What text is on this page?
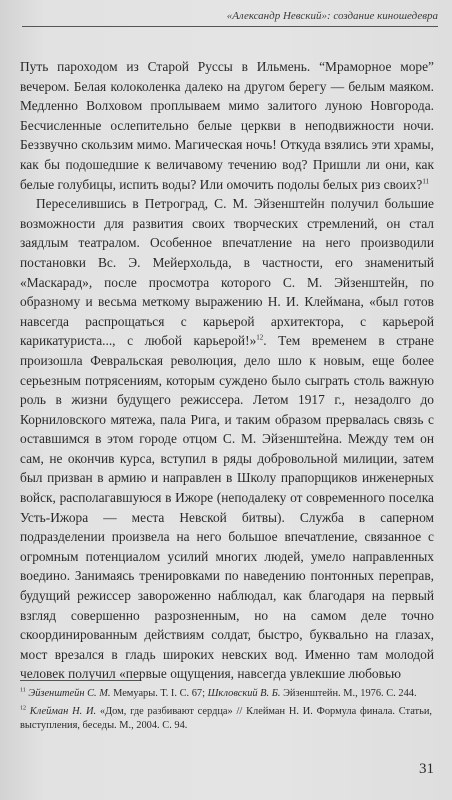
«Александр Невский»: создание киношедевра

Путь пароходом из Старой Руссы в Ильмень. “Мраморное море” вечером. Белая колоколенка далеко на другом берегу — белым маяком. Медленно Волховом проплываем мимо залитого луною Новгорода. Бесчисленные ослепительно белые церкви в неподвижности ночи. Беззвучно скользим мимо. Магическая ночь! Откуда взялись эти храмы, как бы подошедшие к величавому течению вод? Пришли ли они, как белые голубицы, испить воды? Или омочить подолы белых риз своих?$^{11}$

Переселившись в Петроград, С. М. Эйзенштейн получил большие возможности для развития своих творческих стремлений, он стал заядлым театралом. Особенное впечатление на него производили постановки Вс. Э. Мейерхольда, в частности, его знаменитый «Маскарад», после просмотра которого С. М. Эйзенштейн, по образному и весьма меткому выражению Н. И. Клеймана, «был готов навсегда распрощаться с карьерой архитектора, с карьерой карикатуриста..., с любой карьерой!»$^{12}$. Тем временем в стране произошла Февральская революция, дело шло к новым, еще более серьезным потрясениям, которым суждено было сыграть столь важную роль в жизни будущего режиссера. Летом 1917 г., незадолго до Корниловского мятежа, пала Рига, и таким образом прервалась связь с оставшимся в этом городе отцом С. М. Эйзенштейна. Между тем он сам, не окончив курса, вступил в ряды добровольной милиции, затем был призван в армию и направлен в Школу прапорщиков инженерных войск, располагавшуюся в Ижоре (неподалеку от современного поселка Усть-Ижора — места Невской битвы). Служба в саперном подразделении произвела на него большое впечатление, связанное с огромным потенциалом усилий многих людей, умело направленных воедино. Занимаясь тренировками по наведению понтонных переправ, будущий режиссер завороженно наблюдал, как благодаря на первый взгляд совершенно разрозненным, но на самом деле точно скоординированным действиям солдат, быстро, буквально на глазах, мост врезался в гладь широких невских вод. Именно там молодой человек получил «первые ощущения, навсегда увлекшие любовью

$^{11}$ Эйзенштейн С. М. Мемуары. Т. I. С. 67; Шкловский В. Б. Эйзенштейн. М., 1976. С. 244.

$^{12}$ Клейман Н. И. «Дом, где разбивают сердца» // Клейман Н. И. Формула финала. Статьи, выступления, беседы. М., 2004. С. 94.

31
